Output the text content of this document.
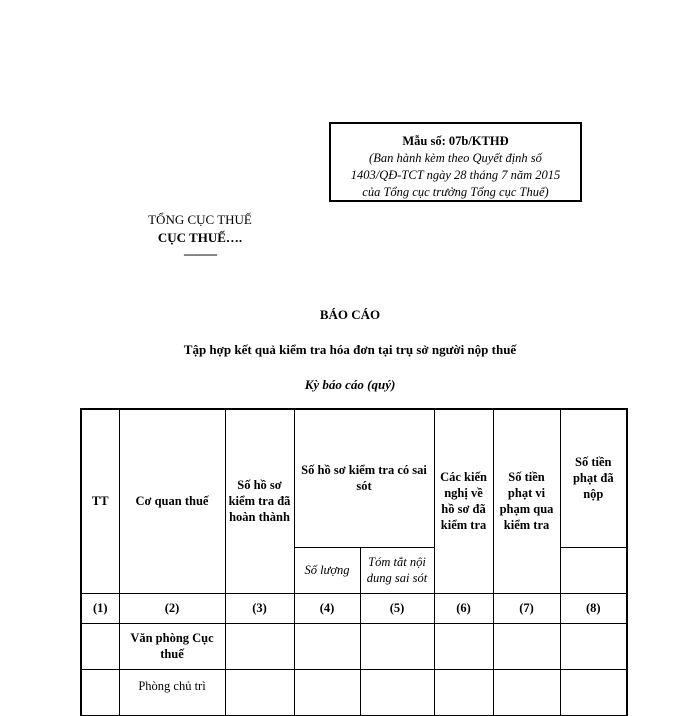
Mẫu số: 07b/KTHĐ
(Ban hành kèm theo Quyết định số
1403/QĐ-TCT ngày 28 tháng 7 năm 2015
của Tổng cục trưởng Tổng cục Thuế)
TỔNG CỤC THUẾ
CỤC THUẾ….
----------
BÁO CÁO
Tập hợp kết quả kiểm tra hóa đơn tại trụ sở người nộp thuế
Kỳ báo cáo (quý)
TT	Cơ quan thuế	Số hồ sơ kiểm tra đã hoàn thành	Số hồ sơ kiểm tra có sai sót		Các kiến nghị về hồ sơ đã kiểm tra	Số tiền phạt vi phạm qua kiểm tra	Số tiền phạt đã nộp
			Số lượng	Tóm tắt nội dung sai sót			
(1)	(2)	(3)	(4)	(5)	(6)	(7)	(8)
	Văn phòng Cục thuế						
	Phòng chủ trì						
